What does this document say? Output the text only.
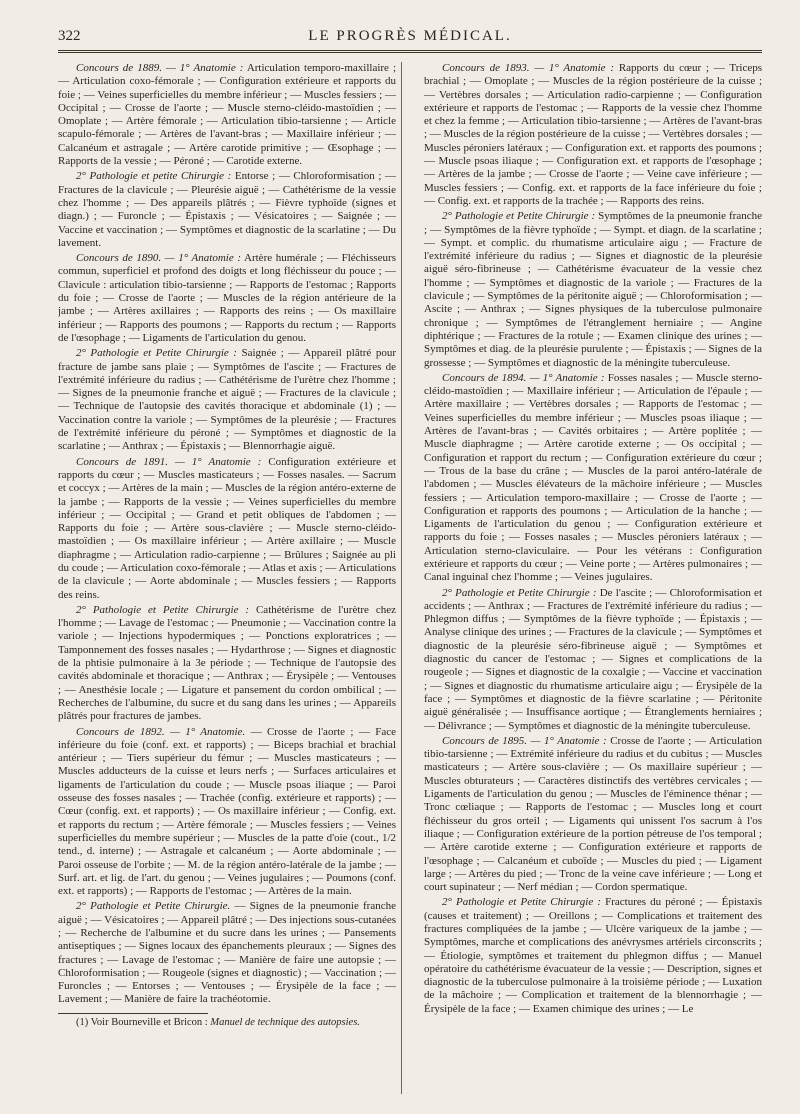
322	LE PROGRÈS MÉDICAL.

Concours de 1889. — 1° Anatomie : Articulation temporo-maxillaire ; — Articulation coxo-fémorale ; — Configuration extérieure et rapports du foie ; — Veines superficielles du membre inférieur ; — Muscles fessiers ; — Occipital ; — Crosse de l'aorte ; — Muscle sterno-cléido-mastoïdien ; — Omoplate ; — Artère fémorale ; — Articulation tibio-tarsienne ; — Article scapulo-fémorale ; — Artères de l'avant-bras ; — Maxillaire inférieur ; — Calcanéum et astragale ; — Artère carotide primitive ; — Œsophage ; — Rapports de la vessie ; — Péroné ; — Carotide externe.

2° Pathologie et petite Chirurgie : Entorse ; — Chloroformisation ; — Fractures de la clavicule ; — Pleurésie aiguë ; — Cathétérisme de la vessie chez l'homme ; — Des appareils plâtrés ; — Fièvre typhoïde (signes et diagn.) ; — Furoncle ; — Épistaxis ; — Vésicatoires ; — Saignée ; — Vaccine et vaccination ; — Symptômes et diagnostic de la scarlatine ; — Du lavement.

Concours de 1890. — 1° Anatomie : Artère humérale ; — Fléchisseurs commun, superficiel et profond des doigts et long fléchisseur du pouce ; — Clavicule : articulation tibio-tarsienne ; — Rapports de l'estomac ; Rapports du foie ; — Crosse de l'aorte ; — Muscles de la région antérieure de la jambe ; — Artères axillaires ; — Rapports des reins ; — Os maxillaire inférieur ; — Rapports des poumons ; — Rapports du rectum ; — Rapports de l'œsophage ; — Ligaments de l'articulation du genou.

2° Pathologie et Petite Chirurgie : Saignée ; — Appareil plâtré pour fracture de jambe sans plaie ; — Symptômes de l'ascite ; — Fractures de l'extrémité inférieure du radius ; — Cathétérisme de l'urètre chez l'homme ; — Signes de la pneumonie franche et aiguë ; — Fractures de la clavicule ; — Technique de l'autopsie des cavités thoracique et abdominale (1) ; — Vaccination contre la variole ; — Symptômes de la pleurésie ; — Fractures de l'extrémité inférieure du péroné ; — Symptômes et diagnostic de la scarlatine ; — Anthrax ; — Épistaxis ; — Blennorrhagie aiguë.

Concours de 1891. — 1° Anatomie : Configuration extérieure et rapports du cœur ; — Muscles masticateurs ; — Fosses nasales. — Sacrum et coccyx ; — Artères de la main ; — Muscles de la région antéro-externe de la jambe ; — Rapports de la vessie ; — Veines superficielles du membre inférieur ; — Occipital ; — Grand et petit obliques de l'abdomen ; — Rapports du foie ; — Artère sous-clavière ; — Muscle sterno-cléido-mastoïdien ; — Os maxillaire inférieur ; — Artère axillaire ; — Muscle diaphragme ; — Articulation radio-carpienne ; — Brûlures ; Saignée au pli du coude ; — Articulation coxo-fémorale ; — Atlas et axis ; — Articulations de la clavicule ; — Aorte abdominale ; — Muscles fessiers ; — Rapports des reins.

2° Pathologie et Petite Chirurgie : Cathétérisme de l'urètre chez l'homme ; — Lavage de l'estomac ; — Pneumonie ; — Vaccination contre la variole ; — Injections hypodermiques ; — Ponctions exploratrices ; — Tamponnement des fosses nasales ; — Hydarthrose ; — Signes et diagnostic de la phtisie pulmonaire à la 3e période ; — Technique de l'autopsie des cavités abdominale et thoracique ; — Anthrax ; — Érysipèle ; — Ventouses ; — Anesthésie locale ; — Ligature et pansement du cordon ombilical ; — Recherches de l'albumine, du sucre et du sang dans les urines ; — Appareils plâtrés pour fractures de jambes.

Concours de 1892. — 1° Anatomie. — Crosse de l'aorte ; — Face inférieure du foie (conf. ext. et rapports) ; — Biceps brachial et brachial antérieur ; — Tiers supérieur du fémur ; — Muscles masticateurs ; — Muscles adducteurs de la cuisse et leurs nerfs ; — Surfaces articulaires et ligaments de l'articulation du coude ; — Muscle psoas iliaque ; — Paroi osseuse des fosses nasales ; — Trachée (config. extérieure et rapports) ; — Cœur (config. ext. et rapports) ; — Os maxillaire inférieur ; — Config. ext. et rapports du rectum ; — Artère fémorale ; — Muscles fessiers ; — Veines superficielles du membre supérieur ; — Muscles de la patte d'oie (cout., 1/2 tend., d. interne) ; — Astragale et calcanéum ; — Aorte abdominale ; — Paroi osseuse de l'orbite ; — M. de la région antéro-latérale de la jambe ; — Surf. art. et lig. de l'art. du genou ; — Veines jugulaires ; — Poumons (conf. ext. et rapports) ; — Rapports de l'estomac ; — Artères de la main.

2° Pathologie et Petite Chirurgie. — Signes de la pneumonie franche aiguë ; — Vésicatoires ; — Appareil plâtré ; — Des injections sous-cutanées ; — Recherche de l'albumine et du sucre dans les urines ; — Pansements antiseptiques ; — Signes locaux des épanchements pleuraux ; — Signes des fractures ; — Lavage de l'estomac ; — Manière de faire une autopsie ; — Chloroformisation ; — Rougeole (signes et diagnostic) ; — Vaccination ; — Furoncles ; — Entorses ; — Ventouses ; — Érysipèle de la face ; — Lavement ; — Manière de faire la trachéotomie.

(1) Voir Bourneville et Bricon : Manuel de technique des autopsies.

Concours de 1893. — 1° Anatomie : Rapports du cœur ; — Triceps brachial ; — Omoplate ; — Muscles de la région postérieure de la cuisse ; — Vertèbres dorsales ; — Articulation radio-carpienne ; — Configuration extérieure et rapports de l'estomac ; — Rapports de la vessie chez l'homme et chez la femme ; — Articulation tibio-tarsienne ; — Artères de l'avant-bras ; — Muscles de la région postérieure de la cuisse ; — Vertèbres dorsales ; — Muscles péroniers latéraux ; — Configuration ext. et rapports des poumons ; — Muscle psoas iliaque ; — Configuration ext. et rapports de l'œsophage ; — Artères de la jambe ; — Crosse de l'aorte ; — Veine cave inférieure ; — Muscles fessiers ; — Config. ext. et rapports de la face inférieure du foie ; — Config. ext. et rapports de la trachée ; — Rapports des reins.

2° Pathologie et Petite Chirurgie : Symptômes de la pneumonie franche ; — Symptômes de la fièvre typhoïde ; — Sympt. et diagn. de la scarlatine ; — Sympt. et complic. du rhumatisme articulaire aigu ; — Fracture de l'extrémité inférieure du radius ; — Signes et diagnostic de la pleurésie aiguë séro-fibrineuse ; — Cathétérisme évacuateur de la vessie chez l'homme ; — Symptômes et diagnostic de la variole ; — Fractures de la clavicule ; — Symptômes de la péritonite aiguë ; — Chloroformisation ; — Ascite ; — Anthrax ; — Signes physiques de la tuberculose pulmonaire chronique ; — Symptômes de l'étranglement herniaire ; — Angine diphtérique ; — Fractures de la rotule ; — Examen clinique des urines ; — Symptômes et diag. de la pleurésie purulente ; — Épistaxis ; — Signes de la grossesse ; — Symptômes et diagnostic de la méningite tuberculeuse.

Concours de 1894. — 1° Anatomie : Fosses nasales ; — Muscle sterno-cléido-mastoïdien ; — Maxillaire inférieur ; — Articulation de l'épaule ; — Artère maxillaire ; — Vertèbres dorsales ; — Rapports de l'estomac ; — Veines superficielles du membre inférieur ; — Muscles psoas iliaque ; — Artères de l'avant-bras ; — Cavités orbitaires ; — Artère poplitée ; — Muscle diaphragme ; — Artère carotide externe ; — Os occipital ; — Configuration et rapport du rectum ; — Configuration extérieure du cœur ; — Trous de la base du crâne ; — Muscles de la paroi antéro-latérale de l'abdomen ; — Muscles élévateurs de la mâchoire inférieure ; — Muscles fessiers ; — Articulation temporo-maxillaire ; — Crosse de l'aorte ; — Configuration et rapports des poumons ; — Articulation de la hanche ; — Ligaments de l'articulation du genou ; — Configuration extérieure et rapports du foie ; — Fosses nasales ; — Muscles péroniers latéraux ; — Articulation sterno-claviculaire. — Pour les vétérans : Configuration extérieure et rapports du cœur ; — Veine porte ; — Artères pulmonaires ; — Canal inguinal chez l'homme ; — Veines jugulaires.

2° Pathologie et Petite Chirurgie : De l'ascite ; — Chloroformisation et accidents ; — Anthrax ; — Fractures de l'extrémité inférieure du radius ; — Phlegmon diffus ; — Symptômes de la fièvre typhoïde ; — Épistaxis ; — Analyse clinique des urines ; — Fractures de la clavicule ; — Symptômes et diagnostic de la pleurésie séro-fibrineuse aiguë ; — Symptômes et diagnostic du cancer de l'estomac ; — Signes et complications de la rougeole ; — Signes et diagnostic de la coxalgie ; — Vaccine et vaccination ; — Signes et diagnostic du rhumatisme articulaire aigu ; — Érysipèle de la face ; — Symptômes et diagnostic de la fièvre scarlatine ; — Péritonite aiguë généralisée ; — Insuffisance aortique ; — Étranglements herniaires ; — Délivrance ; — Symptômes et diagnostic de la méningite tuberculeuse.

Concours de 1895. — 1° Anatomie : Crosse de l'aorte ; — Articulation tibio-tarsienne ; — Extrémité inférieure du radius et du cubitus ; — Muscles masticateurs ; — Artère sous-clavière ; — Os maxillaire supérieur ; — Muscles obturateurs ; — Caractères distinctifs des vertèbres cervicales ; — Ligaments de l'articulation du genou ; — Muscles de l'éminence thénar ; — Tronc cœliaque ; — Rapports de l'estomac ; — Muscles long et court fléchisseur du gros orteil ; — Ligaments qui unissent l'os sacrum à l'os iliaque ; — Configuration extérieure de la portion pétreuse de l'os temporal ; — Artère carotide externe ; — Configuration extérieure et rapports de l'œsophage ; — Calcanéum et cuboïde ; — Muscles du pied ; — Ligament large ; — Artères du pied ; — Tronc de la veine cave inférieure ; — Long et court supinateur ; — Nerf médian ; — Cordon spermatique.

2° Pathologie et Petite Chirurgie : Fractures du péroné ; — Épistaxis (causes et traitement) ; — Oreillons ; — Complications et traitement des fractures compliquées de la jambe ; — Ulcère variqueux de la jambe ; — Symptômes, marche et complications des anévrysmes artériels circonscrits ; — Étiologie, symptômes et traitement du phlegmon diffus ; — Manuel opératoire du cathétérisme évacuateur de la vessie ; — Description, signes et diagnostic de la tuberculose pulmonaire à la troisième période ; — Luxation de la mâchoire ; — Complication et traitement de la blennorrhagie ; — Érysipèle de la face ; — Examen chimique des urines ; — Le
